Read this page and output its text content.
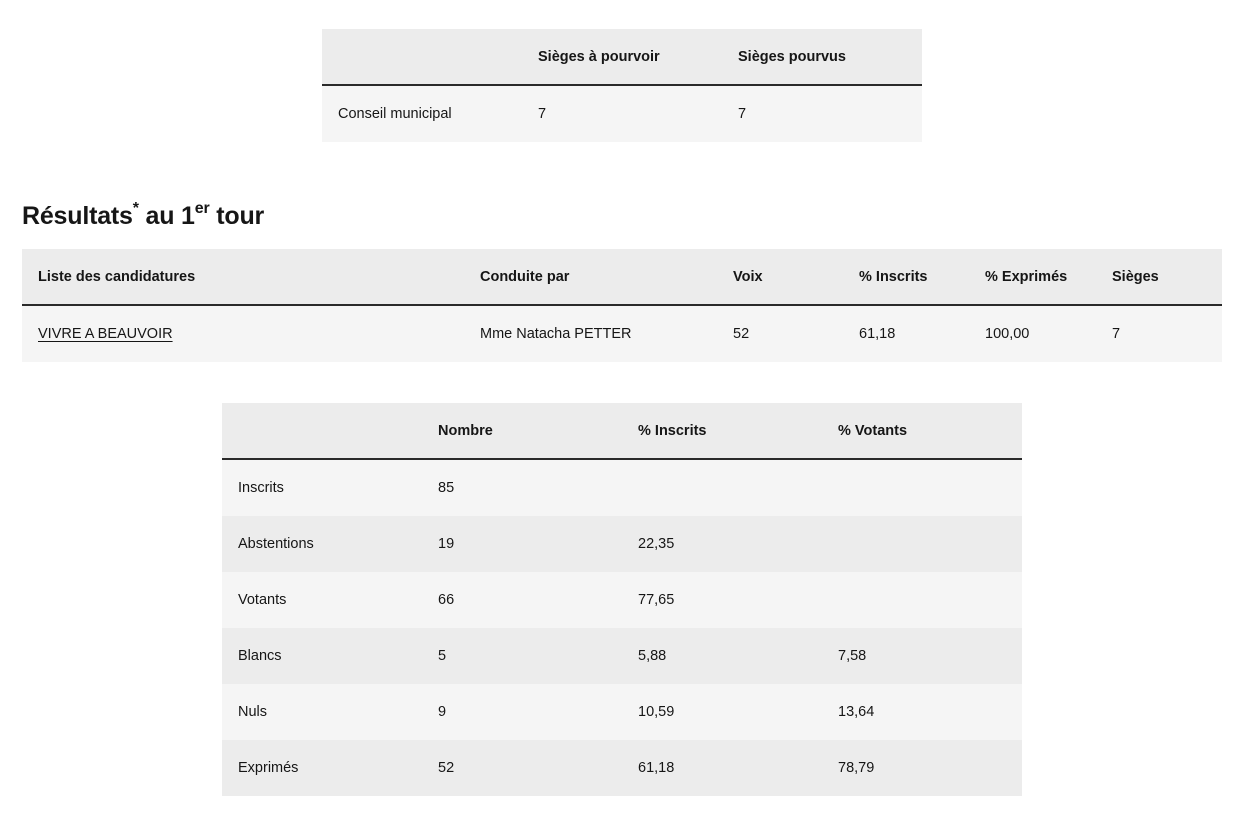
	Sièges à pourvoir	Sièges pourvus
Conseil municipal	7	7
Résultats* au 1er tour
Liste des candidatures	Conduite par	Voix	% Inscrits	% Exprimés	Sièges
VIVRE A BEAUVOIR	Mme Natacha PETTER	52	61,18	100,00	7
	Nombre	% Inscrits	% Votants
Inscrits	85		
Abstentions	19	22,35	
Votants	66	77,65	
Blancs	5	5,88	7,58
Nuls	9	10,59	13,64
Exprimés	52	61,18	78,79
